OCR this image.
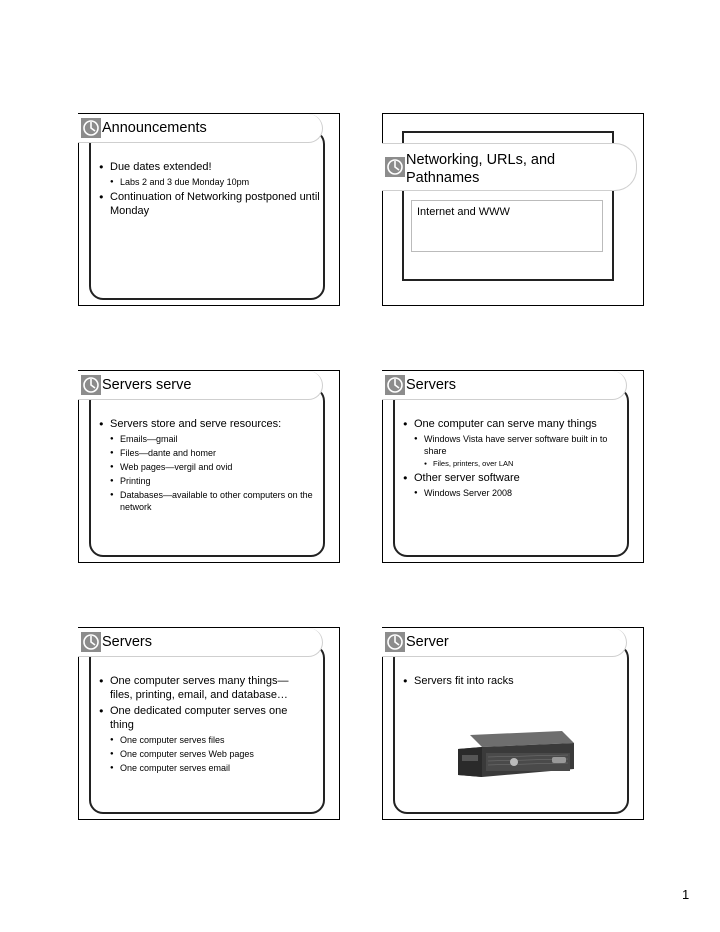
Announcements
● Due dates extended!
● Labs 2 and 3 due Monday 10pm
● Continuation of Networking postponed until Monday
Networking, URLs, and Pathnames
Internet and WWW
Servers serve
● Servers store and serve resources:
● Emails—gmail
● Files—dante and homer
● Web pages—vergil and ovid
● Printing
● Databases—available to other computers on the network
Servers
● One computer can serve many things
● Windows Vista have server software built in to share
● Files, printers, over LAN
● Other server software
● Windows Server 2008
Servers
● One computer serves many things—files, printing, email, and database…
● One dedicated computer serves one thing
● One computer serves files
● One computer serves Web pages
● One computer serves email
Server
● Servers fit into racks
1
